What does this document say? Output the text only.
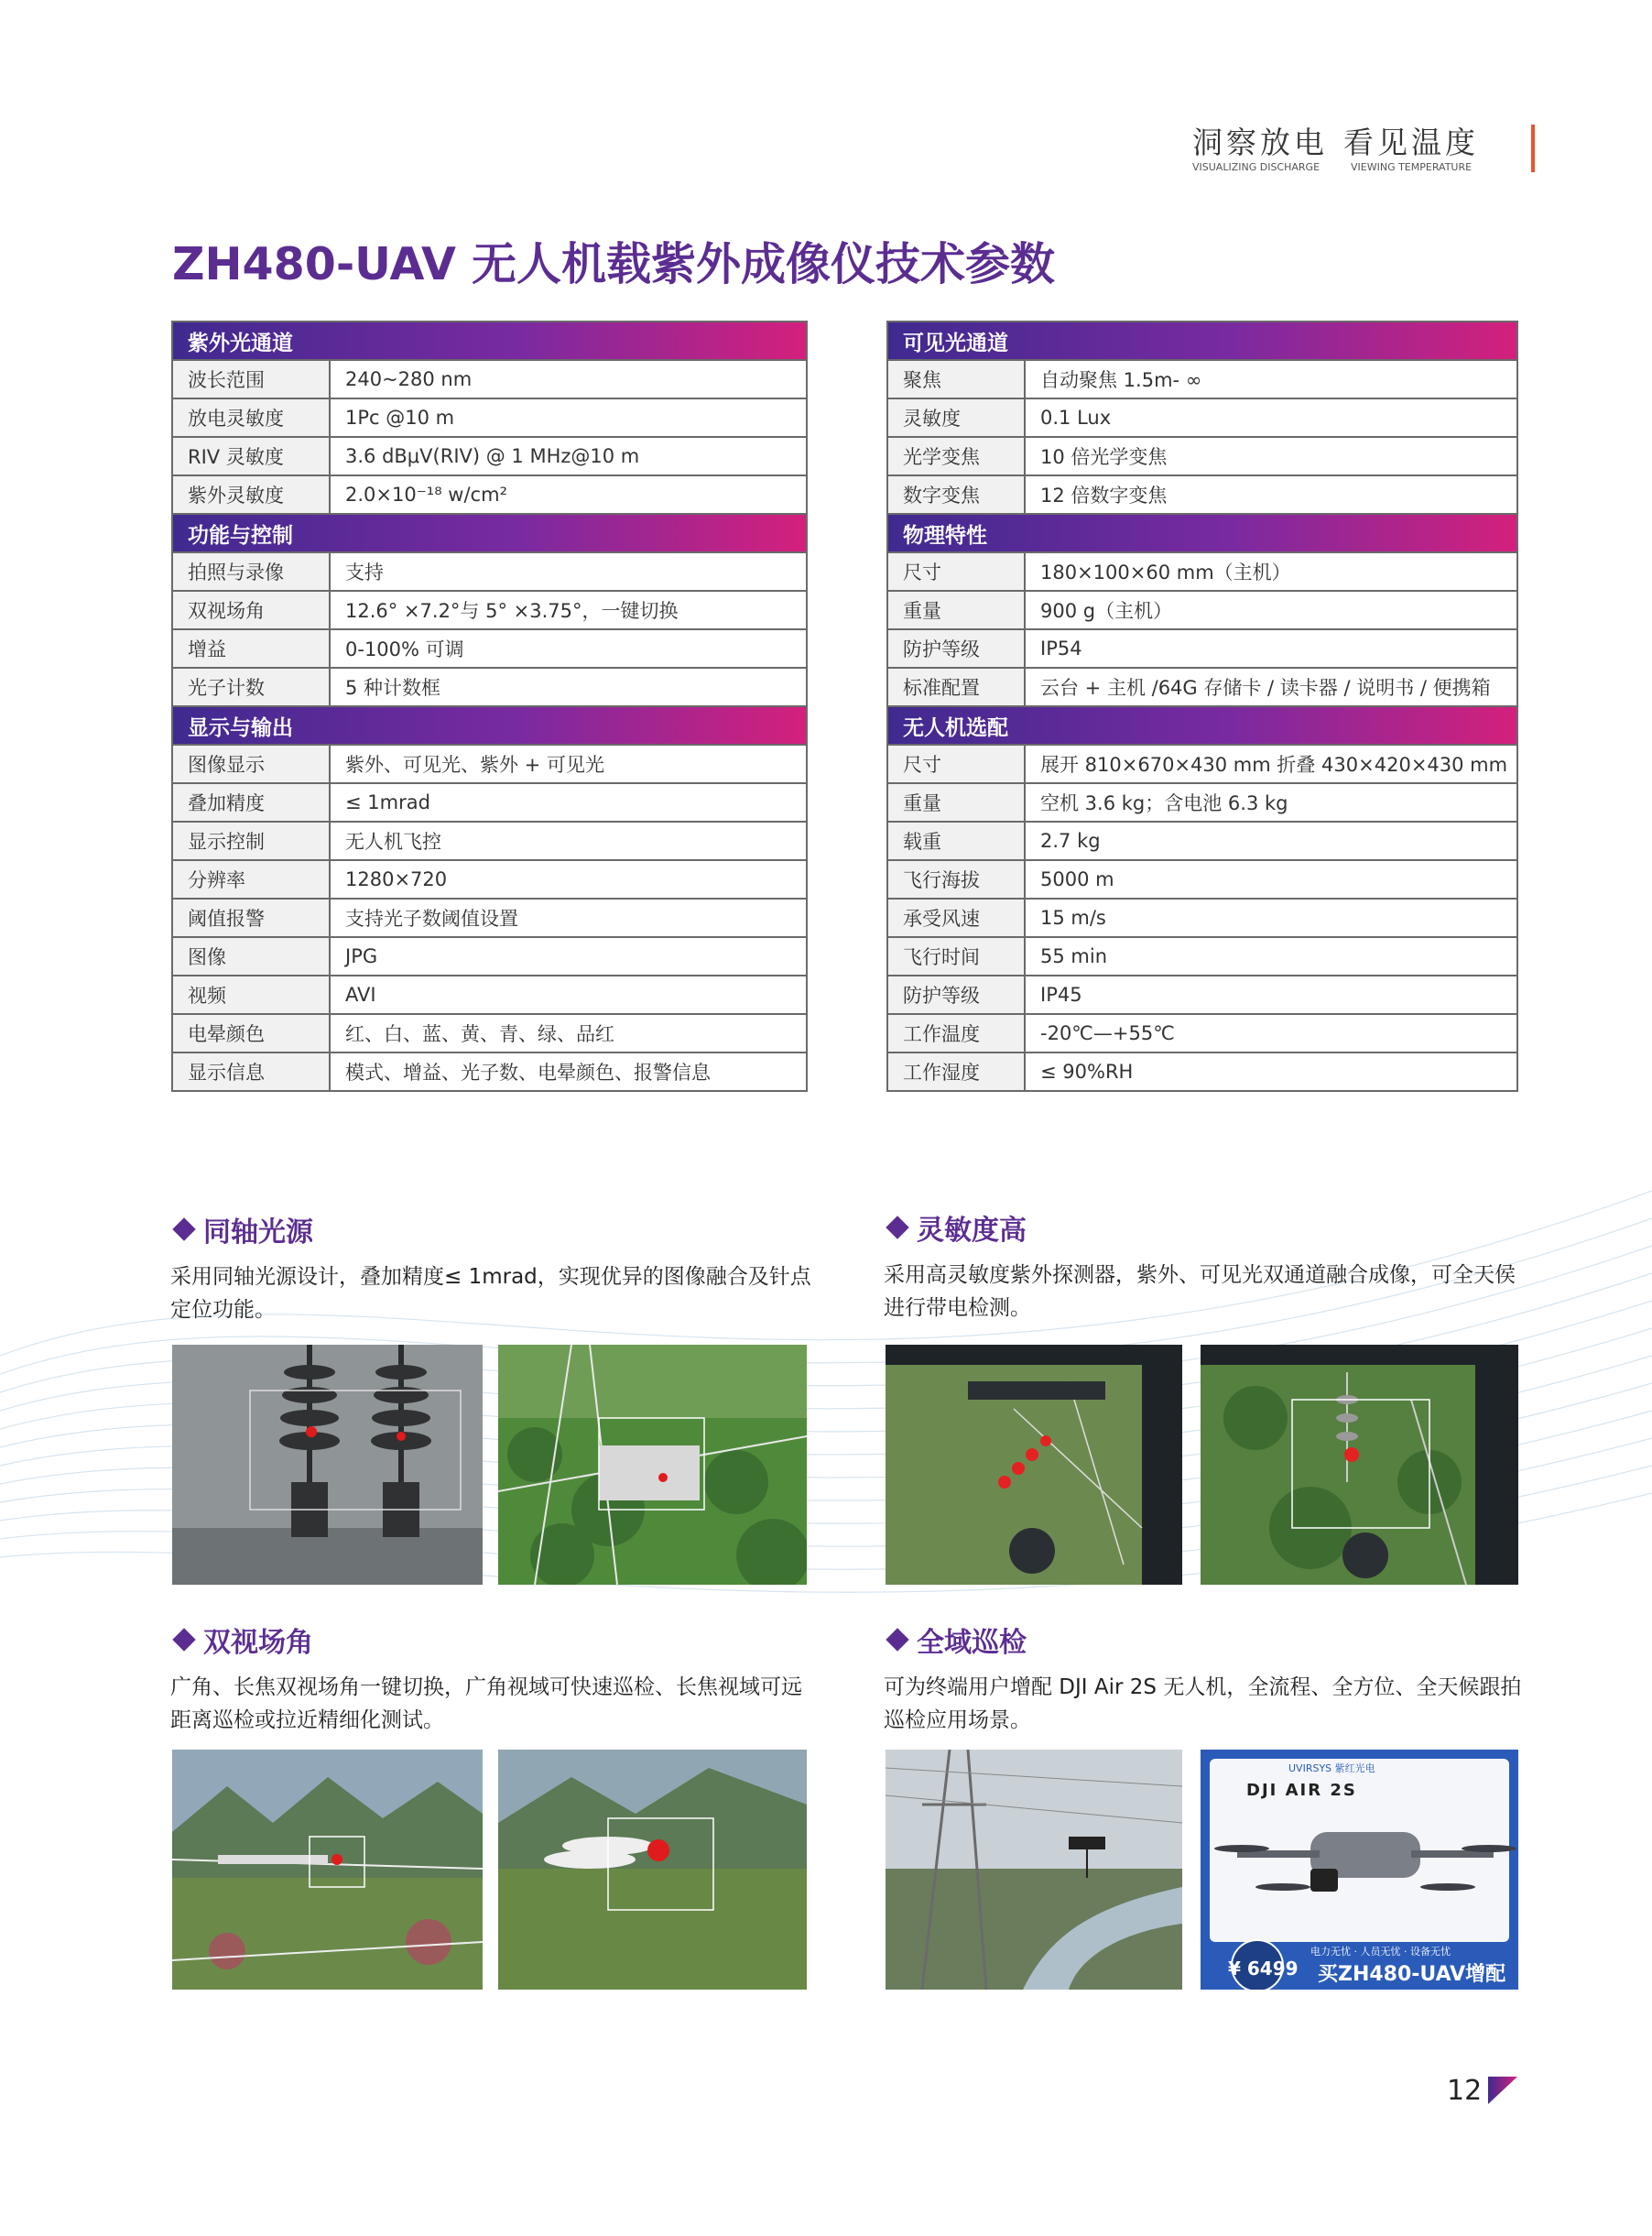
洞察放电 看见温度
VISUALIZING DISCHARGE	VIEWING TEMPERATURE
ZH480-UAV 无人机载紫外成像仪技术参数
紫外光通道	
波长范围	240~280 nm
放电灵敏度	1Pc @10 m
RIV 灵敏度	3.6 dBμV(RIV) @ 1 MHz@10 m
紫外灵敏度	2.0×10⁻¹⁸ w/cm²
功能与控制	
拍照与录像	支持
双视场角	12.6° ×7.2°与 5° ×3.75°，一键切换
增益	0-100% 可调
光子计数	5 种计数框
显示与输出	
图像显示	紫外、可见光、紫外 + 可见光
叠加精度	≤ 1mrad
显示控制	无人机飞控
分辨率	1280×720
阈值报警	支持光子数阈值设置
图像	JPG
视频	AVI
电晕颜色	红、白、蓝、黄、青、绿、品红
显示信息	模式、增益、光子数、电晕颜色、报警信息
可见光通道	
聚焦	自动聚焦 1.5m- ∞
灵敏度	0.1 Lux
光学变焦	10 倍光学变焦
数字变焦	12 倍数字变焦
物理特性	
尺寸	180×100×60 mm（主机）
重量	900 g（主机）
防护等级	IP54
标准配置	云台 + 主机 /64G 存储卡 / 读卡器 / 说明书 / 便携箱
无人机选配	
尺寸	展开 810×670×430 mm 折叠 430×420×430 mm
重量	空机 3.6 kg；含电池 6.3 kg
载重	2.7 kg
飞行海拔	5000 m
承受风速	15 m/s
飞行时间	55 min
防护等级	IP45
工作温度	-20℃—+55℃
工作湿度	≤ 90%RH
同轴光源
采用同轴光源设计，叠加精度≤ 1mrad，实现优异的图像融合及针点定位功能。
灵敏度高
采用高灵敏度紫外探测器，紫外、可见光双通道融合成像，可全天侯进行带电检测。
双视场角
广角、长焦双视场角一键切换，广角视域可快速巡检、长焦视域可远距离巡检或拉近精细化测试。
全域巡检
可为终端用户增配 DJI Air 2S 无人机，全流程、全方位、全天候跟拍巡检应用场景。
UVIRSYS 紫红光电
DJI AIR 2S
电力无忧 · 人员无忧 · 设备无忧
¥ 6499 买ZH480-UAV增配
12
